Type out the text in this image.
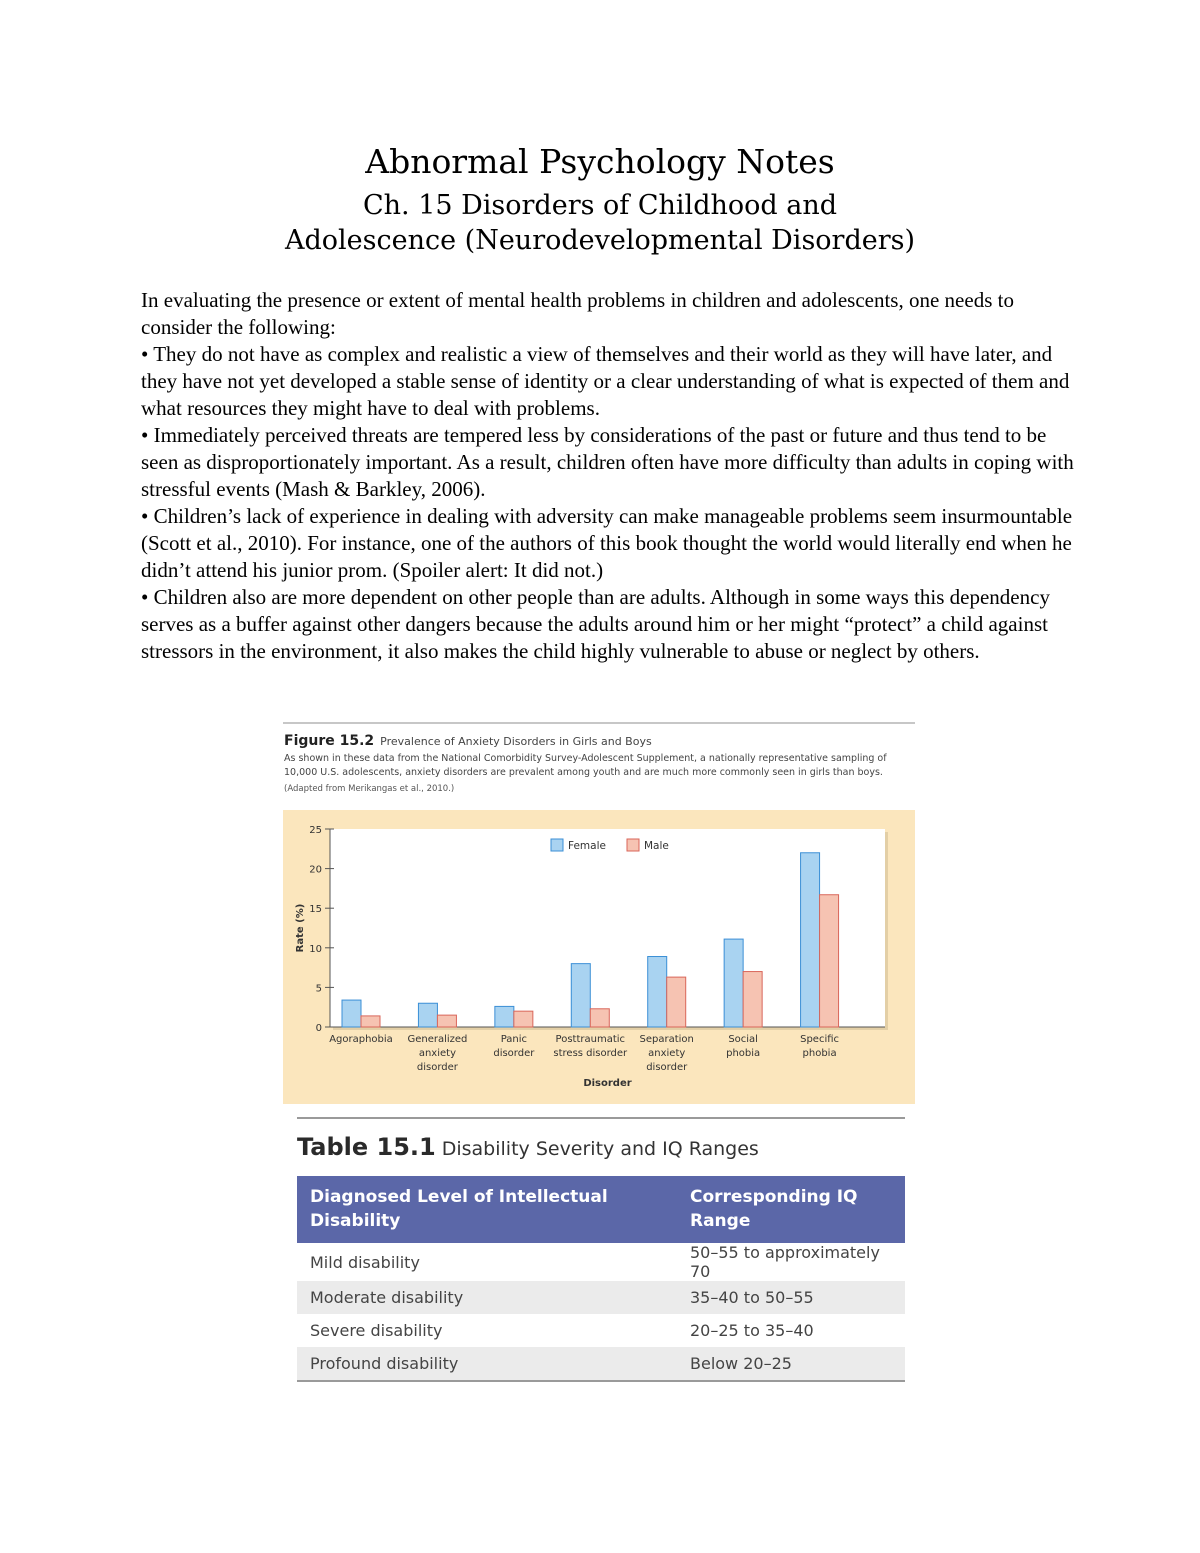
Abnormal Psychology Notes
Ch. 15 Disorders of Childhood and
Adolescence (Neurodevelopmental Disorders)

In evaluating the presence or extent of mental health problems in children and adolescents, one needs to consider the following:

• They do not have as complex and realistic a view of themselves and their world as they will have later, and they have not yet developed a stable sense of identity or a clear understanding of what is expected of them and what resources they might have to deal with problems.

• Immediately perceived threats are tempered less by considerations of the past or future and thus tend to be seen as disproportionately important. As a result, children often have more difficulty than adults in coping with stressful events (Mash & Barkley, 2006).

• Children’s lack of experience in dealing with adversity can make manageable problems seem insurmountable (Scott et al., 2010). For instance, one of the authors of this book thought the world would literally end when he didn’t attend his junior prom. (Spoiler alert: It did not.)

• Children also are more dependent on other people than are adults. Although in some ways this dependency serves as a buffer against other dangers because the adults around him or her might “protect” a child against stressors in the environment, it also makes the child highly vulnerable to abuse or neglect by others.

Figure 15.2 Prevalence of Anxiety Disorders in Girls and Boys
As shown in these data from the National Comorbidity Survey-Adolescent Supplement, a nationally representative sampling of 10,000 U.S. adolescents, anxiety disorders are prevalent among youth and are much more commonly seen in girls than boys.
(Adapted from Merikangas et al., 2010.)
0
5
10
15
20
25
Rate (%)
Agoraphobia Generalized
anxiety
disorder
Panic
disorder
Posttraumatic
stress disorder
Separation
anxiety
disorder
Social
phobia
Specific
phobia
Disorder
Female	Male
Table 15.1 Disability Severity and IQ Ranges
Diagnosed Level of Intellectual Disability	Corresponding IQ Range
Mild disability	50–55 to approximately 70
Moderate disability	35–40 to 50–55
Severe disability	20–25 to 35–40
Profound disability	Below 20–25
